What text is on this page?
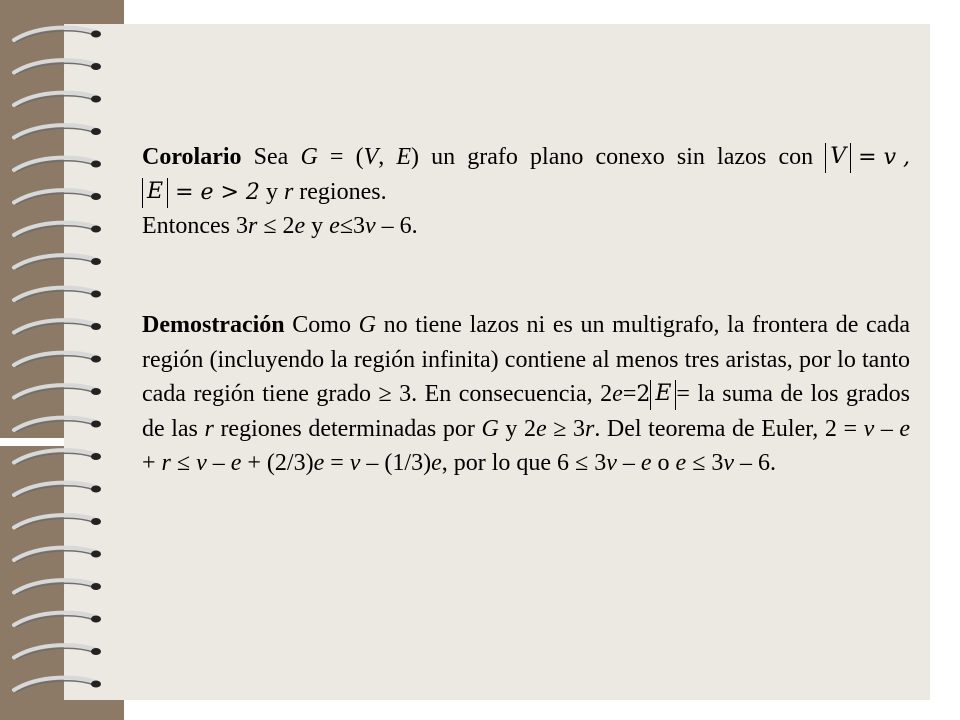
Corolario Sea G = (V, E) un grafo plano conexo sin lazos con V = v , E = e > 2 y r regiones.

Entonces 3r ≤ 2e y e≤3v – 6.

Demostración Como G no tiene lazos ni es un multigrafo, la frontera de cada región (incluyendo la región infinita) contiene al menos tres aristas, por lo tanto cada región tiene grado ≥ 3. En consecuencia, 2e=2 E = la suma de los grados de las r regiones determinadas por G y 2e ≥ 3r. Del teorema de Euler, 2 = v – e + r ≤ v – e + (2/3)e = v – (1/3)e, por lo que 6 ≤ 3v – e o e ≤ 3v – 6.
